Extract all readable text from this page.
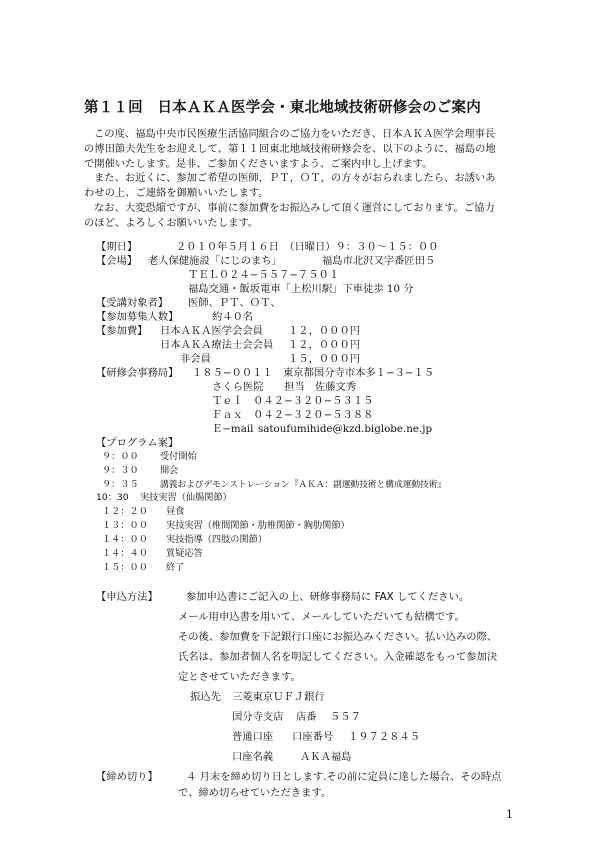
第１１回　日本ＡＫＡ医学会・東北地域技術研修会のご案内

この度、福島中央市民医療生活協同組合のご協力をいただき、日本ＡＫＡ医学会理事長

の博田節夫先生をお迎えして、第１１回東北地域技術研修会を、以下のように、福島の地

で開催いたします。是非、ご参加くださいますよう、ご案内申し上げます。

また、お近くに、参加ご希望の医師，ＰＴ，ＯＴ，の方々がおられましたら、お誘いあ

わせの上、ご連絡を御願いいたします。

なお、大変恐縮ですが、事前に参加費をお振込みして頂く運営にしております。ご協力

のほど、よろしくお願いいたします。

【期日】	２０１０年５月１６日　（日曜日）９：３０〜１５：００
【会場】 老人保健施設「にじのまち」	福島市北沢又字番匠田５
ＴＥＬ０２４−５５７−７５０１
福島交通・飯坂電車「上松川駅」下車徒歩 10 分
【受講対象者】 医師、ＰＴ、ＯＴ、
【参加募集人数】	約４０名
【参加費】 日本ＡＫＡ医学会会員 １２，０００円
日本ＡＫＡ療法士会会員 １２，０００円
非会員	１５，０００円
【研修会事務局】 １８５−００１１　東京都国分寺市本多１−３−１５
さくら医院　　担当　佐藤文秀
Ｔｅｌ　０４２−３２０−５３１５
Ｆａｘ　０４２−３２０−５３８８
Ｅ−mail satoufumihide@kzd.biglobe.ne.jp
【プログラム案】
９：００ 受付開始
９：３０ 開会
９：３５ 講義およびデモンストレーション『ＡＫＡ：副運動技術と構成運動技術』
10：30 実技実習（仙腸関節）
１２：２０ 昼食
１３：００ 実技実習（椎間関節・肋椎関節・胸肋関節）
１４：００ 実技指導（四肢の関節）
１４：４０ 質疑応答
１５：００ 終了
【申込方法】	参加申込書にご記入の上、研修事務局に FAX してください。
メール用申込書を用いて、メールしていただいても結構です。
その後、参加費を下記銀行口座にお振込みください。払い込みの際、
氏名は、参加者個人名を明記してください。入金確認をもって参加決
定とさせていただきます。
振込先 三菱東京ＵＦＪ銀行
国分寺支店 店番 ５５７
普通口座 口座番号 １９７２８４５
口座名義	ＡＫＡ福島
【締め切り】	４ 月末を締め切り日とします.その前に定員に達した場合、その時点
で、締め切らせていただきます。
1
